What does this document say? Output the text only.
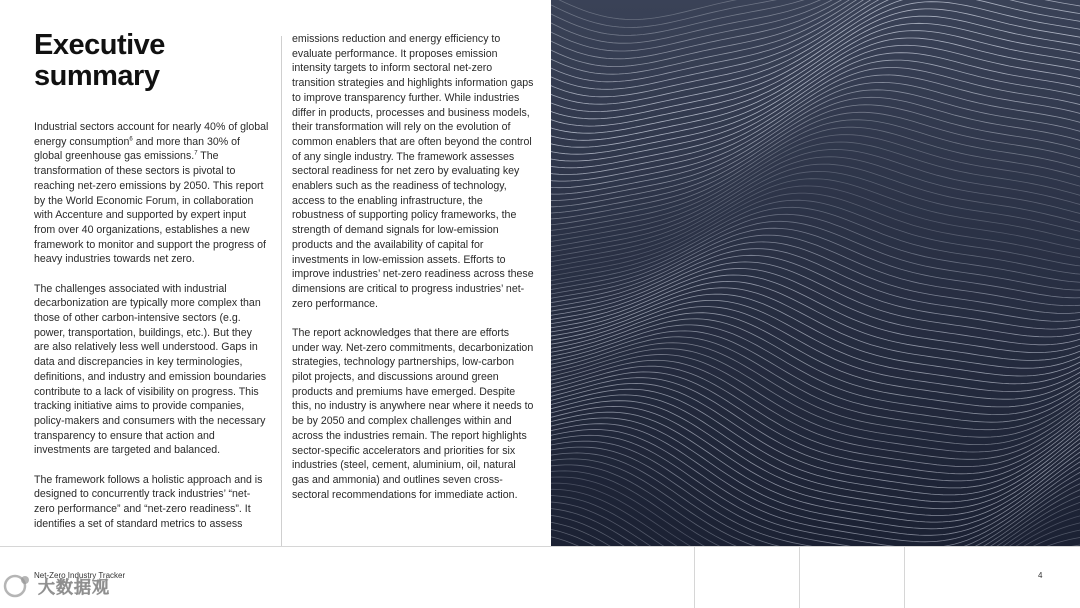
Executive summary

Industrial sectors account for nearly 40% of global energy consumption$^6$ and more than 30% of global greenhouse gas emissions.$^7$ The transformation of these sectors is pivotal to reaching net-zero emissions by 2050. This report by the World Economic Forum, in collaboration with Accenture and supported by expert input from over 40 organizations, establishes a new framework to monitor and support the progress of heavy industries towards net zero.

The challenges associated with industrial decarbonization are typically more complex than those of other carbon-intensive sectors (e.g. power, transportation, buildings, etc.). But they are also relatively less well understood. Gaps in data and discrepancies in key terminologies, definitions, and industry and emission boundaries contribute to a lack of visibility on progress. This tracking initiative aims to provide companies, policy-makers and consumers with the necessary transparency to ensure that action and investments are targeted and balanced.

The framework follows a holistic approach and is designed to concurrently track industries’ “net-zero performance” and “net-zero readiness”. It identifies a set of standard metrics to assess

emissions reduction and energy efficiency to evaluate performance. It proposes emission intensity targets to inform sectoral net-zero transition strategies and highlights information gaps to improve transparency further. While industries differ in products, processes and business models, their transformation will rely on the evolution of common enablers that are often beyond the control of any single industry. The framework assesses sectoral readiness for net zero by evaluating key enablers such as the readiness of technology, access to the enabling infrastructure, the robustness of supporting policy frameworks, the strength of demand signals for low-emission products and the availability of capital for investments in low-emission assets. Efforts to improve industries’ net-zero readiness across these dimensions are critical to progress industries’ net-zero performance.

The report acknowledges that there are efforts under way. Net-zero commitments, decarbonization strategies, technology partnerships, low-carbon pilot projects, and discussions around green products and premiums have emerged. Despite this, no industry is anywhere near where it needs to be by 2050 and complex challenges within and across the industries remain. The report highlights sector-specific accelerators and priorities for six industries (steel, cement, aluminium, oil, natural gas and ammonia) and outlines seven cross-sectoral recommendations for immediate action.

Net-Zero Industry Tracker	4
大数据观
